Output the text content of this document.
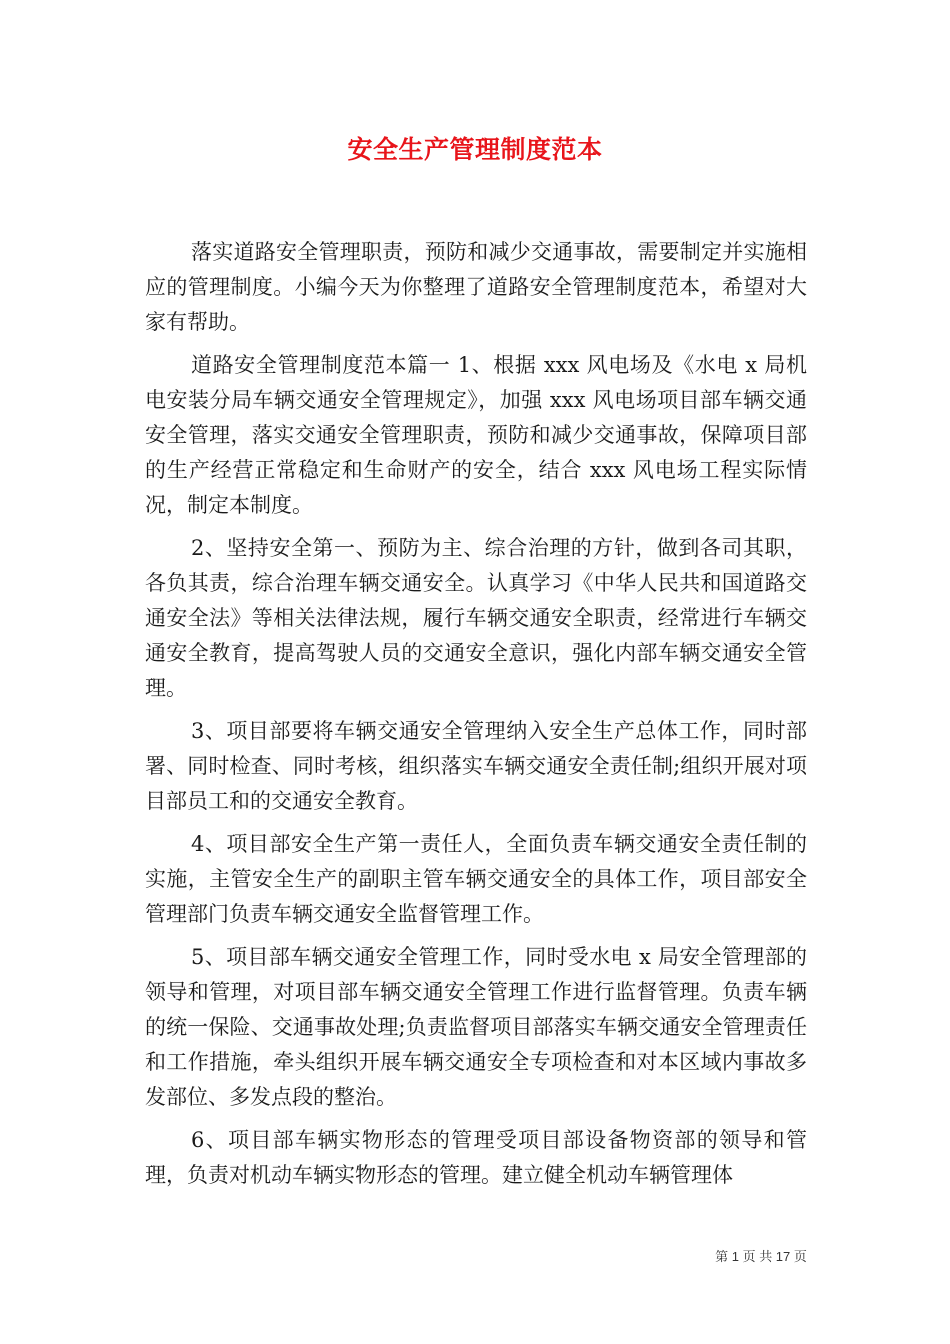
安全生产管理制度范本

落实道路安全管理职责，预防和减少交通事故，需要制定并实施相应的管理制度。小编今天为你整理了道路安全管理制度范本，希望对大家有帮助。

道路安全管理制度范本篇一 1、根据 xxx 风电场及《水电 x 局机电安装分局车辆交通安全管理规定》，加强 xxx 风电场项目部车辆交通安全管理，落实交通安全管理职责，预防和减少交通事故，保障项目部的生产经营正常稳定和生命财产的安全，结合 xxx 风电场工程实际情况，制定本制度。

2、坚持安全第一、预防为主、综合治理的方针，做到各司其职，各负其责，综合治理车辆交通安全。认真学习《中华人民共和国道路交通安全法》等相关法律法规，履行车辆交通安全职责，经常进行车辆交通安全教育，提高驾驶人员的交通安全意识，强化内部车辆交通安全管理。

3、项目部要将车辆交通安全管理纳入安全生产总体工作，同时部署、同时检查、同时考核，组织落实车辆交通安全责任制;组织开展对项目部员工和的交通安全教育。

4、项目部安全生产第一责任人，全面负责车辆交通安全责任制的实施，主管安全生产的副职主管车辆交通安全的具体工作，项目部安全管理部门负责车辆交通安全监督管理工作。

5、项目部车辆交通安全管理工作，同时受水电 x 局安全管理部的领导和管理，对项目部车辆交通安全管理工作进行监督管理。负责车辆的统一保险、交通事故处理;负责监督项目部落实车辆交通安全管理责任和工作措施，牵头组织开展车辆交通安全专项检查和对本区域内事故多发部位、多发点段的整治。

6、项目部车辆实物形态的管理受项目部设备物资部的领导和管理，负责对机动车辆实物形态的管理。建立健全机动车辆管理体

第 1 页 共 17 页
